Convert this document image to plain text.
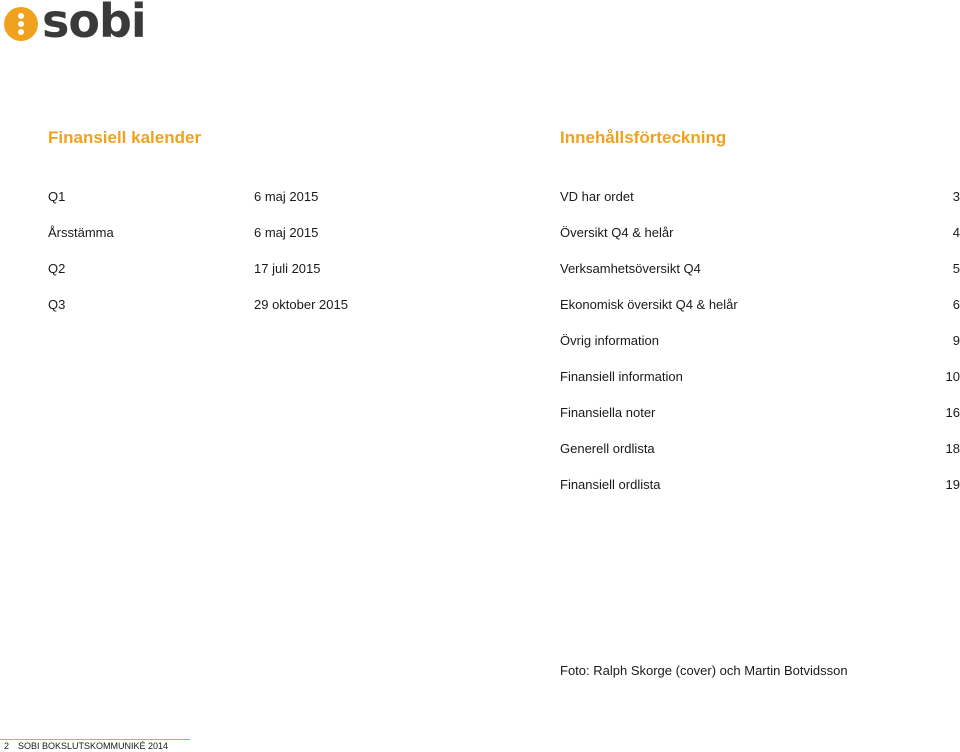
sobi
Finansiell kalender	Innehållsförteckning
Q1	6 maj 2015
Årsstämma	6 maj 2015
Q2	17 juli 2015
Q3	29 oktober 2015
VD har ordet	3
Översikt Q4 & helår	4
Verksamhetsöversikt Q4	5
Ekonomisk översikt Q4 & helår	6
Övrig information	9
Finansiell information	10
Finansiella noter	16
Generell ordlista	18
Finansiell ordlista	19
Foto: Ralph Skorge (cover) och Martin Botvidsson
2 SOBI BOKSLUTSKOMMUNIKÉ 2014
